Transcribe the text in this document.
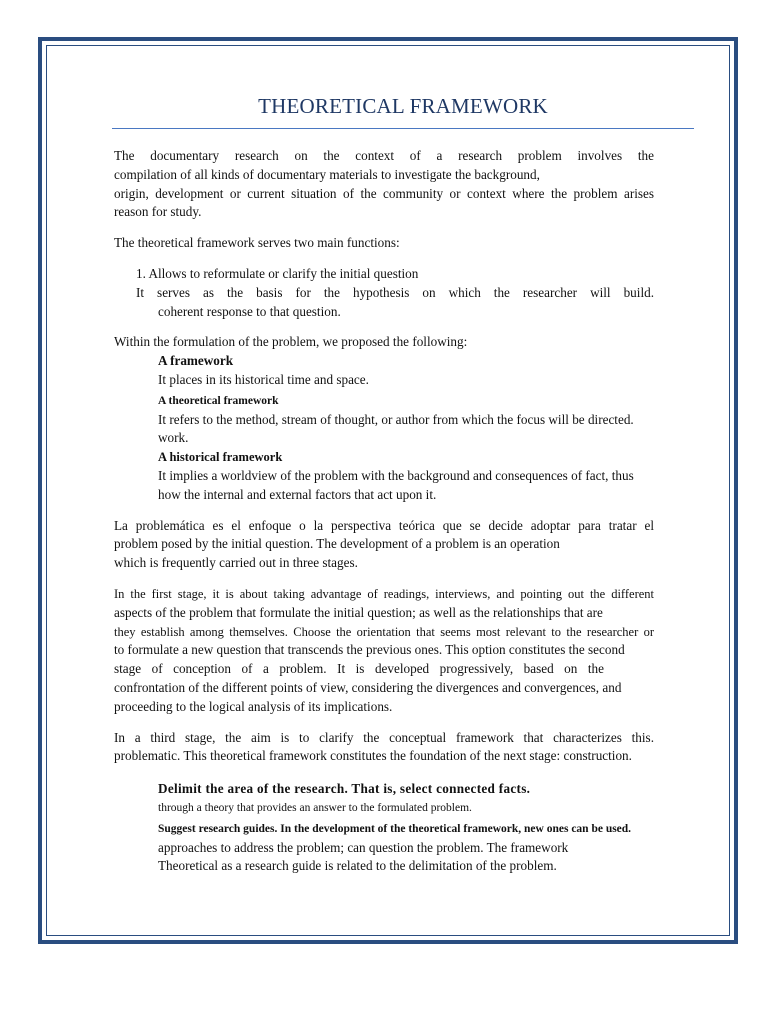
THEORETICAL FRAMEWORK
The documentary research on the context of a research problem involves the
compilation of all kinds of documentary materials to investigate the background,
origin, development or current situation of the community or context where the problem arises
reason for study.
The theoretical framework serves two main functions:
1. Allows to reformulate or clarify the initial question
It serves as the basis for the hypothesis on which the researcher will build.
coherent response to that question.
Within the formulation of the problem, we proposed the following:
A framework
It places in its historical time and space.
A theoretical framework
It refers to the method, stream of thought, or author from which the focus will be directed.
work.
A historical framework
It implies a worldview of the problem with the background and consequences of fact, thus
how the internal and external factors that act upon it.
La problemática es el enfoque o la perspectiva teórica que se decide adoptar para tratar el
problem posed by the initial question. The development of a problem is an operation
which is frequently carried out in three stages.
In the first stage, it is about taking advantage of readings, interviews, and pointing out the different
aspects of the problem that formulate the initial question; as well as the relationships that are
they establish among themselves. Choose the orientation that seems most relevant to the researcher or
to formulate a new question that transcends the previous ones. This option constitutes the second
stage of conception of a problem. It is developed progressively, based on the
confrontation of the different points of view, considering the divergences and convergences, and
proceeding to the logical analysis of its implications.
In a third stage, the aim is to clarify the conceptual framework that characterizes this.
problematic. This theoretical framework constitutes the foundation of the next stage: construction.
Delimit the area of the research. That is, select connected facts.
through a theory that provides an answer to the formulated problem.
Suggest research guides. In the development of the theoretical framework, new ones can be used.
approaches to address the problem; can question the problem. The framework
Theoretical as a research guide is related to the delimitation of the problem.
